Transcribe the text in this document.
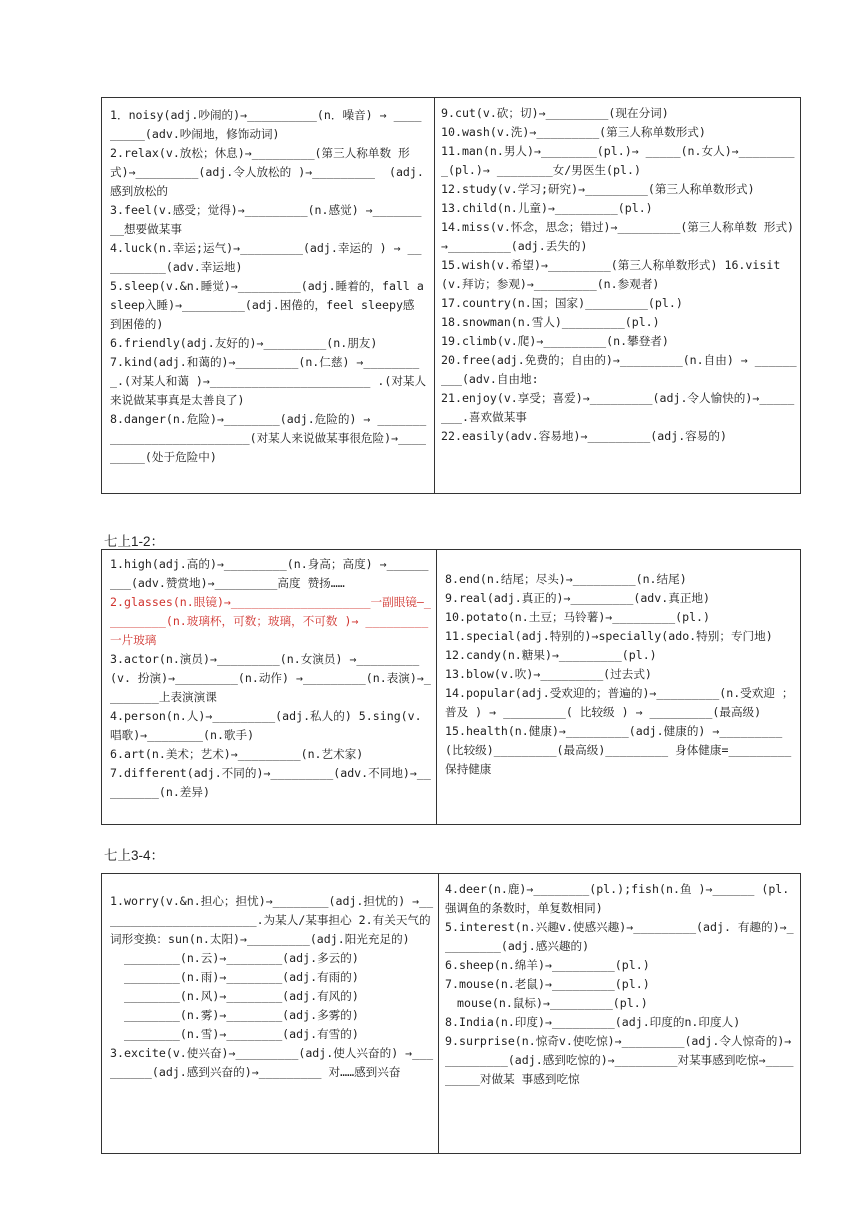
1．noisy(adj.吵闹的)→__________(n．噪音) → _________(adv.吵闹地，修饰动词)

2.relax(v.放松；休息)→_________(第三人称单数 形式)→_________(adj.令人放松的 )→_________  (adj.感到放松的

3.feel(v.感受；觉得)→_________(n.感觉) →_________想要做某事

4.luck(n.幸运;运气)→_________(adj.幸运的 ) → __________(adv.幸运地)

5.sleep(v.&n.睡觉)→_________(adj.睡着的，fall asleep入睡)→_________(adj.困倦的，feel sleepy感 到困倦的)

6.friendly(adj.友好的)→_________(n.朋友)

7.kind(adj.和蔼的)→_________(n.仁慈) →_________.(对某人和蔼 )→_______________________ .(对某人来说做某事真是太善良了)

8.danger(n.危险)→________(adj.危险的) → ___________________________(对某人来说做某事很危险)→_________(处于危险中)

9.cut(v.砍；切)→_________(现在分词)

10.wash(v.洗)→_________(第三人称单数形式)

11.man(n.男人)→________(pl.)→ _____(n.女人)→_________(pl.)→ ________女/男医生(pl.)

12.study(v.学习;研究)→_________(第三人称单数形式)

13.child(n.儿童)→_________(pl.)

14.miss(v.怀念，思念；错过)→_________(第三人称单数 形式)→_________(adj.丢失的)

15.wish(v.希望)→_________(第三人称单数形式) 16.visit(v.拜访；参观)→_________(n.参观者)

17.country(n.国；国家)_________(pl.)

18.snowman(n.雪人)_________(pl.)

19.climb(v.爬)→_________(n.攀登者)

20.free(adj.免费的；自由的)→_________(n.自由) → _________(adv.自由地:

21.enjoy(v.享受；喜爱)→_________(adj.令人愉快的)→________.喜欢做某事

22.easily(adv.容易地)→_________(adj.容易的)

七上1-2：

1.high(adj.高的)→_________(n.身高；高度) →_________(adv.赞赏地)→_________高度 赞扬……

2.glasses(n.眼镜)→____________________一副眼镜—_________(n.玻璃杯，可数；玻璃，不可数 )→ _________一片玻璃

3.actor(n.演员)→_________(n.女演员) →_________(v. 扮演)→_________(n.动作) →_________(n.表演)→________上表演演课

4.person(n.人)→_________(adj.私人的) 5.sing(v.唱歌)→________(n.歌手)

6.art(n.美术；艺术)→_________(n.艺术家)

7.different(adj.不同的)→_________(adv.不同地)→_________(n.差异)

8.end(n.结尾；尽头)→_________(n.结尾)

9.real(adj.真正的)→_________(adv.真正地)

10.potato(n.土豆；马铃薯)→_________(pl.)

11.special(adj.特别的)→specially(ado.特别；专门地)

12.candy(n.糖果)→_________(pl.)

13.blow(v.吹)→_________(过去式)

14.popular(adj.受欢迎的；普遍的)→_________(n.受欢迎 ； 普及 ) → _________( 比较级 ) → _________(最高级)

15.health(n.健康)→_________(adj.健康的) →_________(比较级)_________(最高级)_________ 身体健康=_________保持健康

七上3-4：

1.worry(v.&n.担心；担忧)→________(adj.担忧的) →_______________________.为某人/某事担心 2.有关天气的词形变换：sun(n.太阳)→_________(adj.阳光充足的)

________(n.云)→________(adj.多云的)

________(n.雨)→________(adj.有雨的)

________(n.风)→________(adj.有风的)

________(n.雾)→________(adj.多雾的)

________(n.雪)→________(adj.有雪的)

3.excite(v.使兴奋)→_________(adj.使人兴奋的) →_________(adj.感到兴奋的)→_________ 对……感到兴奋

4.deer(n.鹿)→________(pl.);fish(n.鱼 )→______ (pl.强调鱼的条数时，单复数相同)

5.interest(n.兴趣v.使感兴趣)→_________(adj. 有趣的)→_________(adj.感兴趣的)

6.sheep(n.绵羊)→_________(pl.)

7.mouse(n.老鼠)→_________(pl.)

mouse(n.鼠标)→_________(pl.)

8.India(n.印度)→_________(adj.印度的n.印度人)

9.surprise(n.惊奇v.使吃惊)→_________(adj.令人惊奇的)→_________(adj.感到吃惊的)→_________对某事感到吃惊→_________对做某 事感到吃惊
